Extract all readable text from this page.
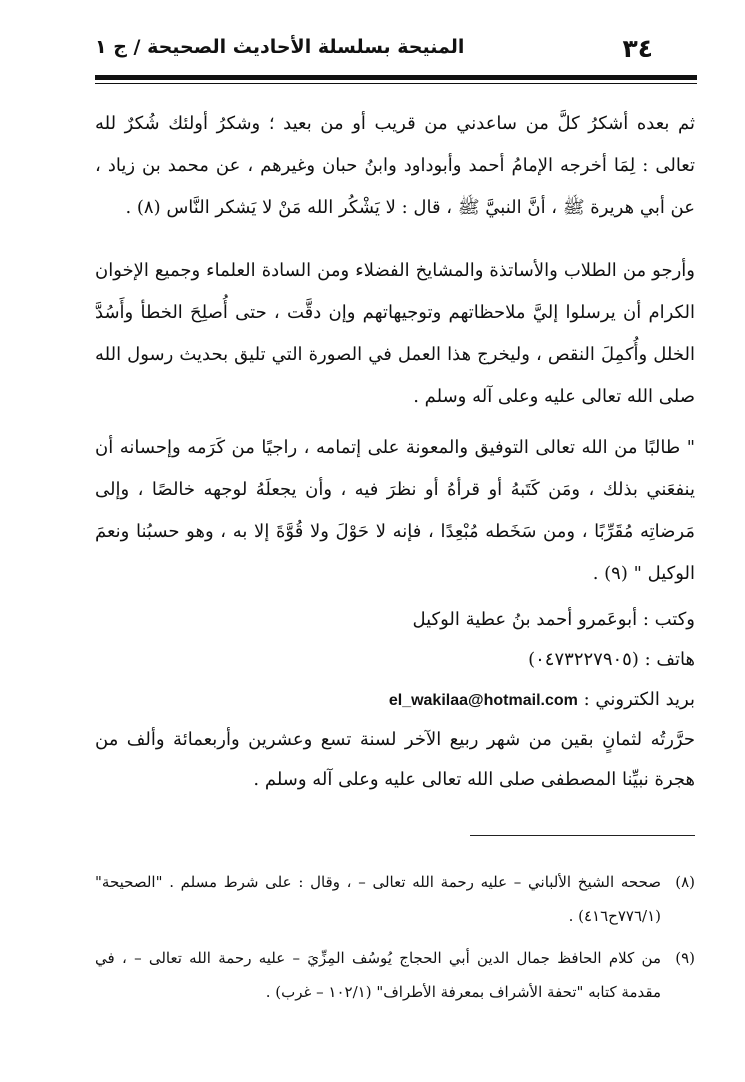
٣٤
المنيحة بسلسلة الأحاديث الصحيحة / ج ١

ثم بعده أشكرُ كلَّ من ساعدني من قريب أو من بعيد ؛ وشكرُ أولئك شُكرٌ لله تعالى : لِمَا أخرجه الإمامُ أحمد وأبوداود وابنُ حبان وغيرهم ، عن محمد بن زياد ، عن أبي هريرة ﷺ ، أنَّ النبيَّ ﷺ ، قال : لا يَشْكُر الله مَنْ لا يَشكر النَّاس (٨) .

وأرجو من الطلاب والأساتذة والمشايخ الفضلاء ومن السادة العلماء وجميع الإخوان الكرام أن يرسلوا إليَّ ملاحظاتهم وتوجيهاتهم وإن دقَّت ، حتى أُصلِحَ الخطأ وأَسُدَّ الخلل وأُكمِلَ النقص ، وليخرج هذا العمل في الصورة التي تليق بحديث رسول الله صلى الله تعالى عليه وعلى آله وسلم .

" طالبًا من الله تعالى التوفيق والمعونة على إتمامه ، راجيًا من كَرَمه وإحسانه أن ينفعَني بذلك ، ومَن كَتَبهُ أو قرأهُ أو نظرَ فيه ، وأن يجعلَهُ لوجهه خالصًا ، وإلى مَرضاتِه مُقَرِّبًا ، ومن سَخَطه مُبْعِدًا ، فإنه لا حَوْلَ ولا قُوَّةَ إلا به ، وهو حسبُنا ونعمَ الوكيل " (٩) .

وكتب : أبوعَمرو أحمد بنُ عطية الوكيل
هاتف : (٠٤٧٣٢٢٧٩٠٥)
بريد الكتروني : el_wakilaa@hotmail.com
حرَّرتُه لثمانٍ بقين من شهر ربيع الآخر لسنة تسع وعشرين وأربعمائة وألف من هجرة نبيِّنا المصطفى صلى الله تعالى عليه وعلى آله وسلم .
(٨)
صححه الشيخ الألباني – عليه رحمة الله تعالى – ، وقال : على شرط مسلم . "الصحيحة" (٧٧٦/١ح٤١٦) .
(٩)
من كلام الحافظ جمال الدين أبي الحجاج يُوسُف المِزِّيَ – عليه رحمة الله تعالى – ، في مقدمة كتابه "تحفة الأشراف بمعرفة الأطراف" (١٠٢/١ – غرب) .
